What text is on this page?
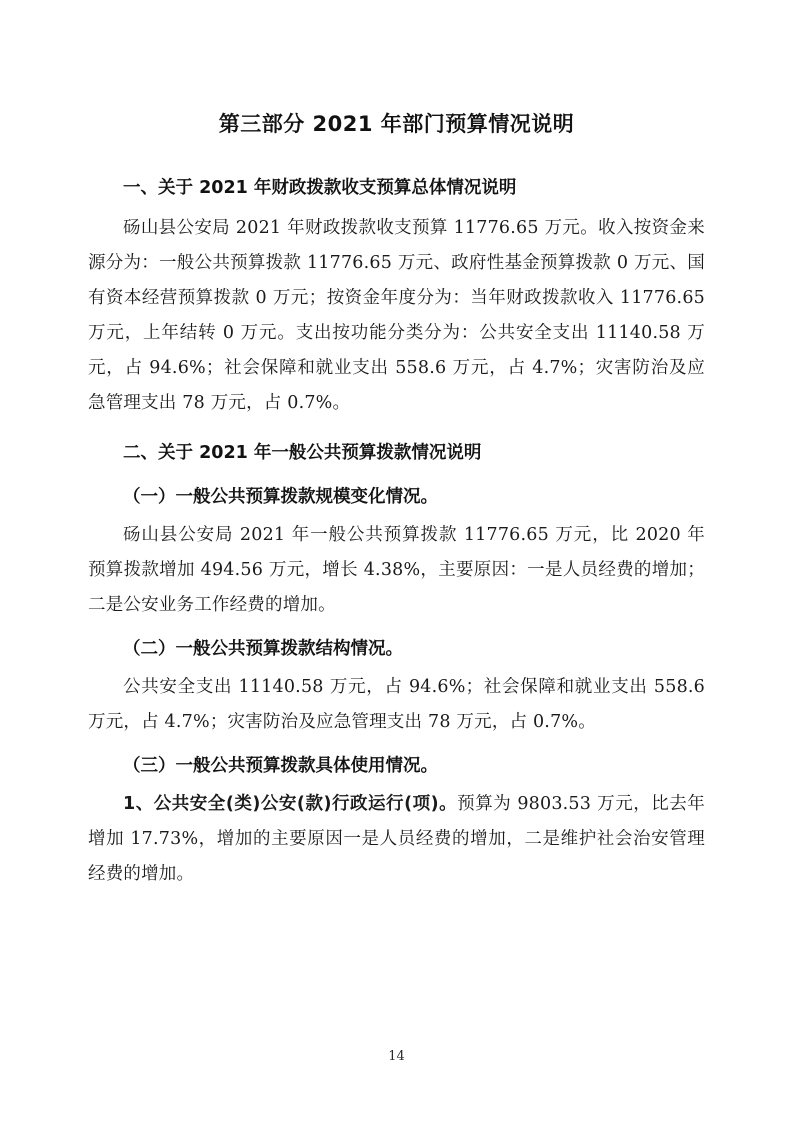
第三部分 2021 年部门预算情况说明
一、关于 2021 年财政拨款收支预算总体情况说明

砀山县公安局 2021 年财政拨款收支预算 11776.65 万元。收入按资金来源分为：一般公共预算拨款 11776.65 万元、政府性基金预算拨款 0 万元、国有资本经营预算拨款 0 万元；按资金年度分为：当年财政拨款收入 11776.65 万元，上年结转 0 万元。支出按功能分类分为：公共安全支出 11140.58 万元，占 94.6%；社会保障和就业支出 558.6 万元，占 4.7%；灾害防治及应急管理支出 78 万元，占 0.7%。

二、关于 2021 年一般公共预算拨款情况说明
（一）一般公共预算拨款规模变化情况。

砀山县公安局 2021 年一般公共预算拨款 11776.65 万元，比 2020 年预算拨款增加 494.56 万元，增长 4.38%，主要原因：一是人员经费的增加；二是公安业务工作经费的增加。

（二）一般公共预算拨款结构情况。

公共安全支出 11140.58 万元，占 94.6%；社会保障和就业支出 558.6 万元，占 4.7%；灾害防治及应急管理支出 78 万元，占 0.7%。

（三）一般公共预算拨款具体使用情况。

1、公共安全(类)公安(款)行政运行(项)。预算为 9803.53 万元，比去年增加 17.73%，增加的主要原因一是人员经费的增加，二是维护社会治安管理经费的增加。

14
